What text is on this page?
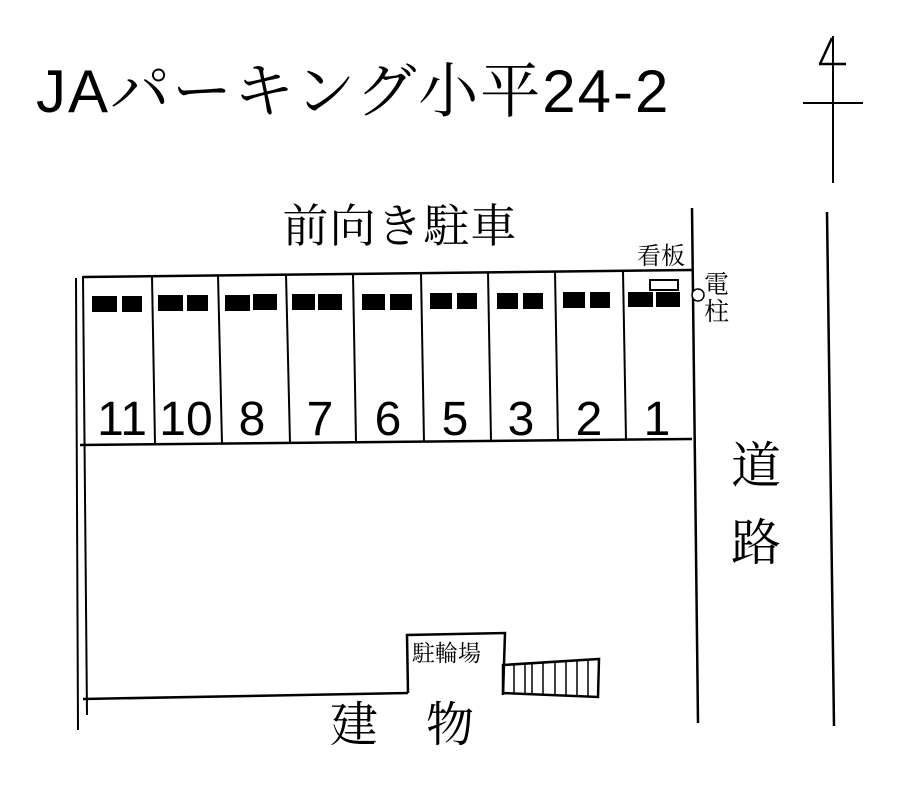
JAパーキング小平24-2
前向き駐車
看板
電柱
道路
駐輪場
建　物
11 10 8 7 6 5 3 2 1
